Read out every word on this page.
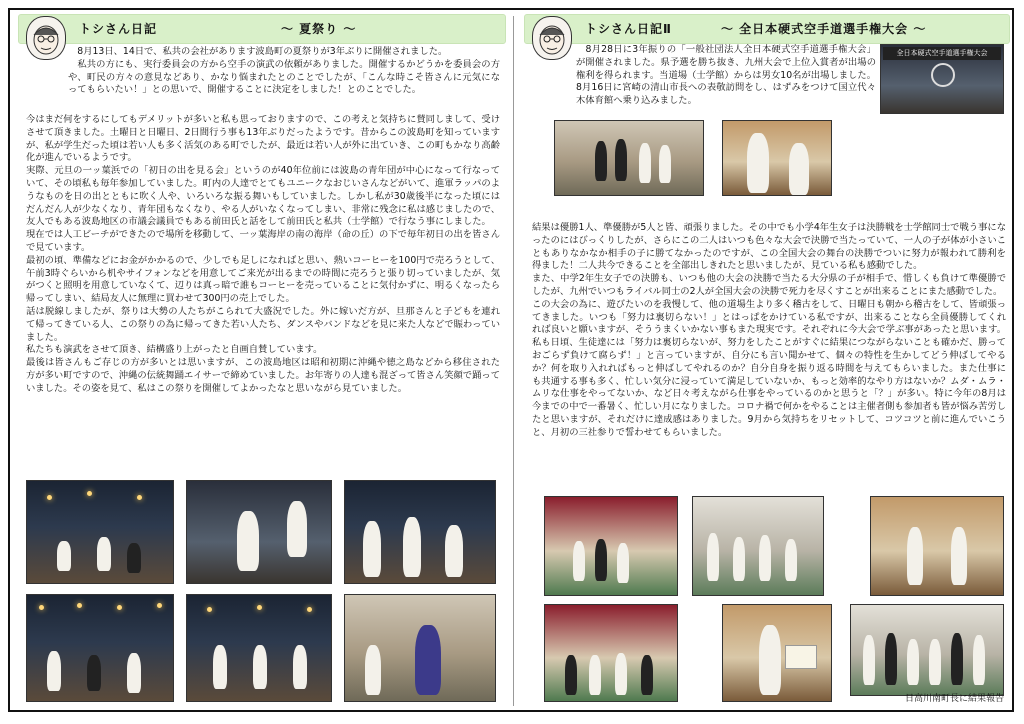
トシさん日記	～ 夏祭り ～
　8月13日、14日で、私共の会社があります波島町の夏祭りが3年ぶりに開催されました。
　私共の方にも、実行委員会の方から空手の演武の依頼がありました。開催するかどうかを委員会の方や、町民の方々の意見などあり、かなり悩まれたとのことでしたが、「こんな時こそ皆さんに元気になってもらいたい！」との思いで、開催することに決定をしました！とのことでした。
今はまだ何をするにしてもデメリットが多いと私も思っておりますので、この考えと気持ちに賛同しまして、受けさせて頂きました。土曜日と日曜日、2日間行う事も13年ぶりだったようです。昔からこの波島町を知っていますが、私が学生だった頃は若い人も多く活気のある町でしたが、最近は若い人が外に出ていき、この町もかなり高齢化が進んでいるようです。
実際、元旦の一ッ葉浜での「初日の出を見る会」というのが40年位前には波島の青年団が中心になって行なっていて、その頃私も毎年参加していました。町内の人達でとてもユニークなおじいさんなどがいて、進軍ラッパのようなものを日の出とともに吹く人や、いろいろな振る舞いもしていました。しかし私が30歳後半になった頃にはだんだん人が少なくなり、青年団もなくなり、やる人がいなくなってしまい、非常に残念に私は感じましたので、友人でもある波島地区の市議会議員でもある前田氏と話をして前田氏と私共（士学館）で行なう事にしました。
現在では人工ビーチができたので場所を移動して、一ッ葉海岸の南の海岸（命の丘）の下で毎年初日の出を皆さんで見ています。
最初の頃、準備などにお金がかかるので、少しでも足しになればと思い、熱いコーヒーを100円で売ろうとして、午前3時ぐらいから机やサイフォンなどを用意してご来光が出るまでの時間に売ろうと張り切っていましたが、気がつくと照明を用意していなくて、辺りは真っ暗で誰もコーヒーを売っていることに気付かずに、明るくなったら帰ってしまい、結局友人に無理に買わせて300円の売上でした。
話は脱線しましたが、祭りは大勢の人たちがこられて大盛況でした。外に嫁いだ方が、旦那さんと子どもを連れて帰ってきている人、この祭りの為に帰ってきた若い人たち、ダンスやバンドなどを見に来た人などで賑わっていました。
私たちも演武をさせて頂き、結構盛り上がったと自画自賛しています。
最後は皆さんもご存じの方が多いとは思いますが、この波島地区は昭和初期に沖縄や徳之島などから移住された方が多い町ですので、沖縄の伝統舞踊エイサーで締めていました。お年寄りの人達も混ざって皆さん笑顔で踊っていました。その姿を見て、私はこの祭りを開催してよかったなと思いながら見ていました。
トシさん日記Ⅱ	～ 全日本硬式空手道選手権大会 ～
　8月28日に3年振りの「一般社団法人全日本硬式空手道選手権大会」が開催されました。県予選を勝ち抜き、九州大会で上位入賞者が出場の権利を得られます。当道場（士学館）からは男女10名が出場しました。8月16日に宮崎の清山市長への表敬訪問をし、はずみをつけて国立代々木体育館へ乗り込みました。
全日本硬式空手道選手権大会
結果は優勝1人、準優勝が5人と皆、頑張りました。その中でも小学4年生女子は決勝戦を士学館同士で戦う事になったのにはびっくりしたが、さらにこの二人はいつも色々な大会で決勝で当たっていて、一人の子が体が小さいこともありなかなか相手の子に勝てなかったのですが、この全国大会の舞台の決勝でついに努力が報われて勝利を得ました！二人共今できることを全部出しきれたと思いましたが、見ている私も感動でした。
また、中学2年生女子での決勝も、いつも他の大会の決勝で当たる大分県の子が相手で、惜しくも負けて準優勝でしたが、九州でいつもライバル同士の2人が全国大会の決勝で死力を尽くすことが出来ることにまた感動でした。
この大会の為に、遊びたいのを我慢して、他の道場生より多く稽古をして、日曜日も朝から稽古をして、皆頑張ってきました。いつも「努力は裏切らない！」とはっぱをかけている私ですが、出来ることなら全員優勝してくれれば良いと願いますが、そううまくいかない事もまた現実です。それぞれに今大会で学ぶ事があったと思います。私も日頃、生徒達には「努力は裏切らないが、努力をしたことがすぐに結果につながらないことも確かだ、勝っておごらず負けて腐らず！」と言っていますが、自分にも言い聞かせて、個々の特性を生かしてどう伸ばしてやるか？何を取り入れればもっと伸ばしてやれるのか？自分自身を振り返る時間を与えてもらいました。また仕事にも共通する事も多く、忙しい気分に浸っていて満足していないか、もっと効率的なやり方はないか？ムダ・ムラ・ムリな仕事をやってないか、など日々考えながら仕事をやっているのかと思うと「？」が多い。特に今年の8月は今までの中で一番暑く、忙しい月になりました。コロナ禍で何かをやることは主催者側も参加者も皆が悩み苦労したと思いますが、それだけに達成感はありました。9月から気持ちをリセットして、コツコツと前に進んでいこうと、月初の三社参りで誓わせてもらいました。
日高川南町長に結果報告
